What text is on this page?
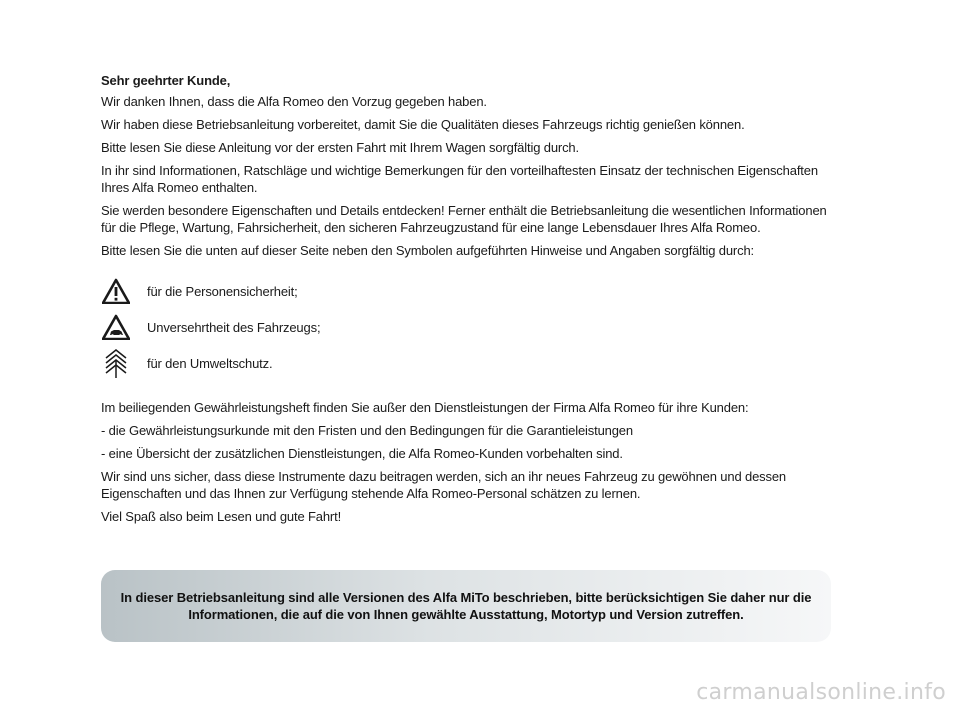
Sehr geehrter Kunde,

Wir danken Ihnen, dass die Alfa Romeo den Vorzug gegeben haben.

Wir haben diese Betriebsanleitung vorbereitet, damit Sie die Qualitäten dieses Fahrzeugs richtig genießen können.

Bitte lesen Sie diese Anleitung vor der ersten Fahrt mit Ihrem Wagen sorgfältig durch.

In ihr sind Informationen, Ratschläge und wichtige Bemerkungen für den vorteilhaftesten Einsatz der technischen Eigenschaften Ihres Alfa Romeo enthalten.

Sie werden besondere Eigenschaften und Details entdecken! Ferner enthält die Betriebsanleitung die wesentlichen Informationen für die Pflege, Wartung, Fahrsicherheit, den sicheren Fahrzeugzustand für eine lange Lebensdauer Ihres Alfa Romeo.

Bitte lesen Sie die unten auf dieser Seite neben den Symbolen aufgeführten Hinweise und Angaben sorgfältig durch:

für die Personensicherheit;
Unversehrtheit des Fahrzeugs;
für den Umweltschutz.

Im beiliegenden Gewährleistungsheft finden Sie außer den Dienstleistungen der Firma Alfa Romeo für ihre Kunden:

- die Gewährleistungsurkunde mit den Fristen und den Bedingungen für die Garantieleistungen

- eine Übersicht der zusätzlichen Dienstleistungen, die Alfa Romeo-Kunden vorbehalten sind.

Wir sind uns sicher, dass diese Instrumente dazu beitragen werden, sich an ihr neues Fahrzeug zu gewöhnen und dessen Eigenschaften und das Ihnen zur Verfügung stehende Alfa Romeo-Personal schätzen zu lernen.

Viel Spaß also beim Lesen und gute Fahrt!

In dieser Betriebsanleitung sind alle Versionen des Alfa MiTo beschrieben, bitte berücksichtigen Sie daher nur die Informationen, die auf die von Ihnen gewählte Ausstattung, Motortyp und Version zutreffen.
carmanualsonline.info
